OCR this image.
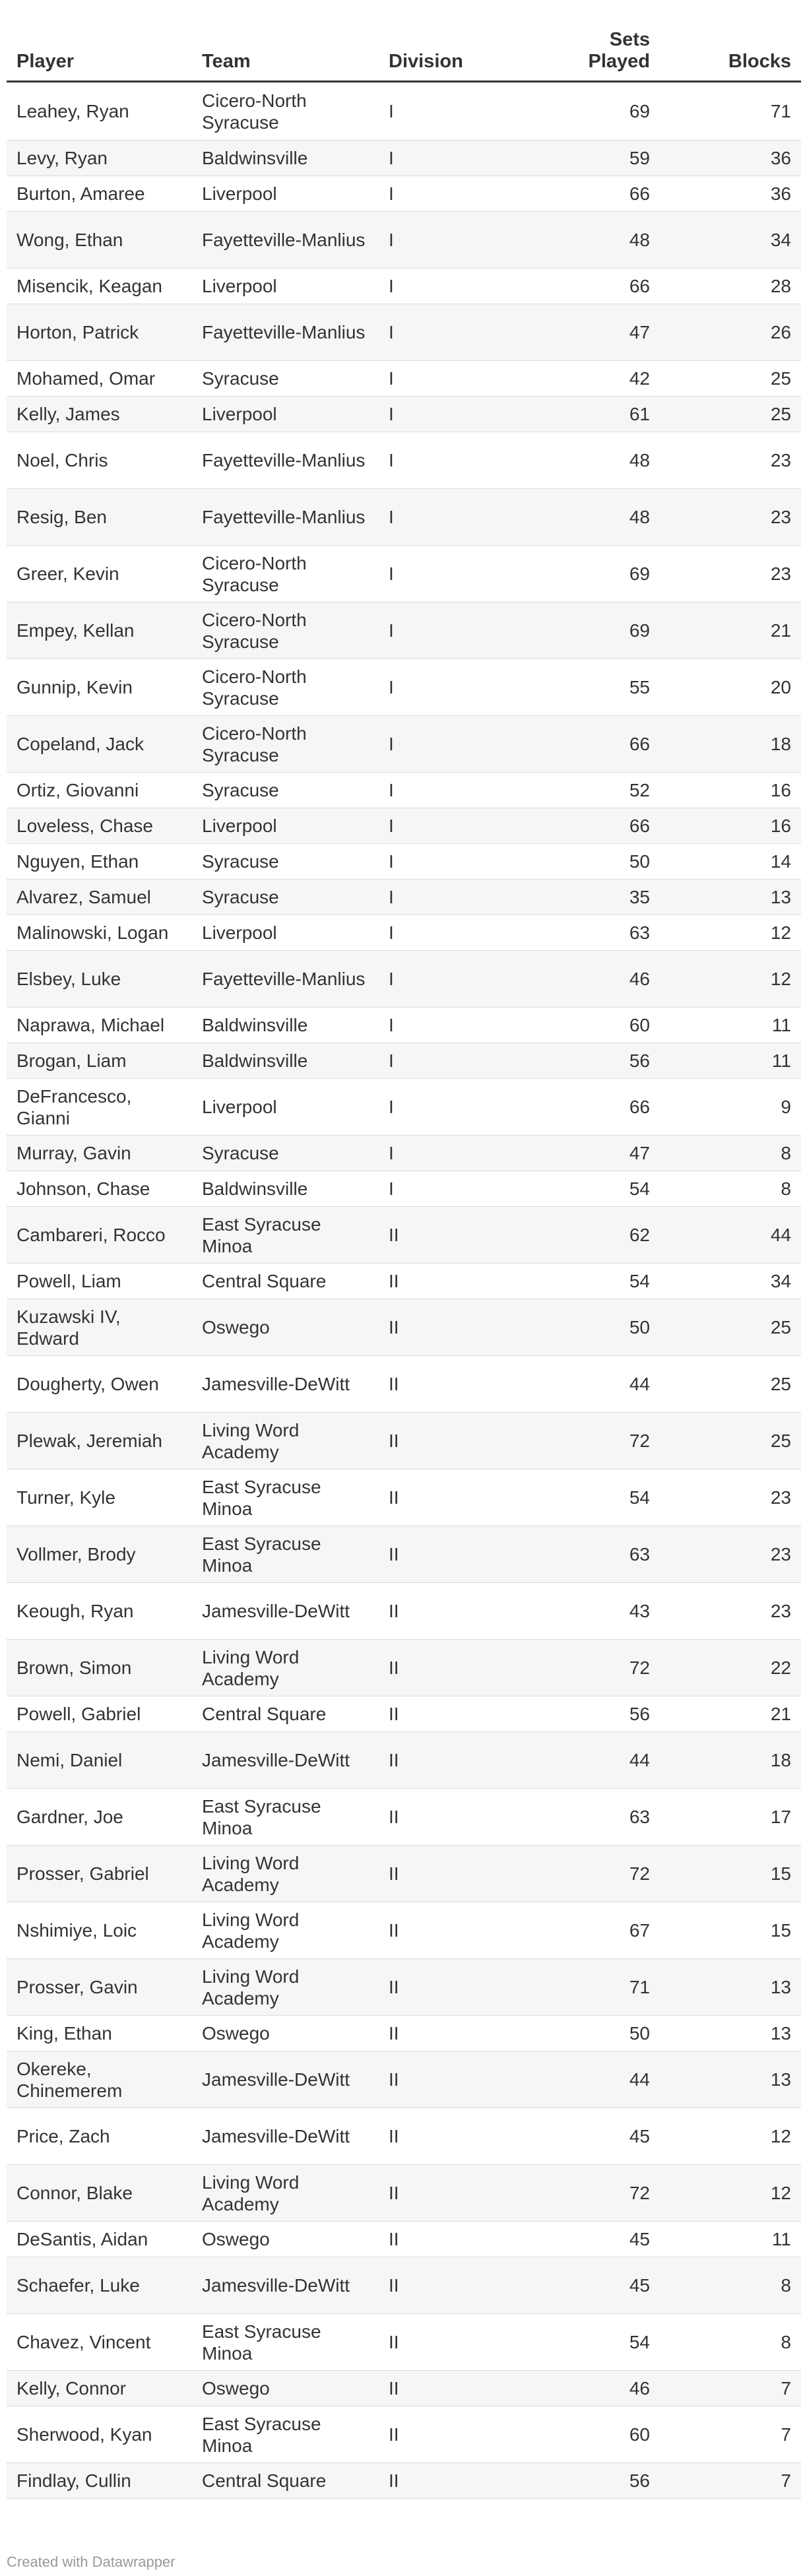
Player	Team	Division	Sets Played	Blocks
Leahey, Ryan	Cicero-North Syracuse	I	69	71
Levy, Ryan	Baldwinsville	I	59	36
Burton, Amaree	Liverpool	I	66	36
Wong, Ethan	Fayetteville-Manlius	I	48	34
Misencik, Keagan	Liverpool	I	66	28
Horton, Patrick	Fayetteville-Manlius	I	47	26
Mohamed, Omar	Syracuse	I	42	25
Kelly, James	Liverpool	I	61	25
Noel, Chris	Fayetteville-Manlius	I	48	23
Resig, Ben	Fayetteville-Manlius	I	48	23
Greer, Kevin	Cicero-North Syracuse	I	69	23
Empey, Kellan	Cicero-North Syracuse	I	69	21
Gunnip, Kevin	Cicero-North Syracuse	I	55	20
Copeland, Jack	Cicero-North Syracuse	I	66	18
Ortiz, Giovanni	Syracuse	I	52	16
Loveless, Chase	Liverpool	I	66	16
Nguyen, Ethan	Syracuse	I	50	14
Alvarez, Samuel	Syracuse	I	35	13
Malinowski, Logan	Liverpool	I	63	12
Elsbey, Luke	Fayetteville-Manlius	I	46	12
Naprawa, Michael	Baldwinsville	I	60	11
Brogan, Liam	Baldwinsville	I	56	11
DeFrancesco, Gianni	Liverpool	I	66	9
Murray, Gavin	Syracuse	I	47	8
Johnson, Chase	Baldwinsville	I	54	8
Cambareri, Rocco	East Syracuse Minoa	II	62	44
Powell, Liam	Central Square	II	54	34
Kuzawski IV, Edward	Oswego	II	50	25
Dougherty, Owen	Jamesville-DeWitt	II	44	25
Plewak, Jeremiah	Living Word Academy	II	72	25
Turner, Kyle	East Syracuse Minoa	II	54	23
Vollmer, Brody	East Syracuse Minoa	II	63	23
Keough, Ryan	Jamesville-DeWitt	II	43	23
Brown, Simon	Living Word Academy	II	72	22
Powell, Gabriel	Central Square	II	56	21
Nemi, Daniel	Jamesville-DeWitt	II	44	18
Gardner, Joe	East Syracuse Minoa	II	63	17
Prosser, Gabriel	Living Word Academy	II	72	15
Nshimiye, Loic	Living Word Academy	II	67	15
Prosser, Gavin	Living Word Academy	II	71	13
King, Ethan	Oswego	II	50	13
Okereke, Chinemerem	Jamesville-DeWitt	II	44	13
Price, Zach	Jamesville-DeWitt	II	45	12
Connor, Blake	Living Word Academy	II	72	12
DeSantis, Aidan	Oswego	II	45	11
Schaefer, Luke	Jamesville-DeWitt	II	45	8
Chavez, Vincent	East Syracuse Minoa	II	54	8
Kelly, Connor	Oswego	II	46	7
Sherwood, Kyan	East Syracuse Minoa	II	60	7
Findlay, Cullin	Central Square	II	56	7
Created with Datawrapper
